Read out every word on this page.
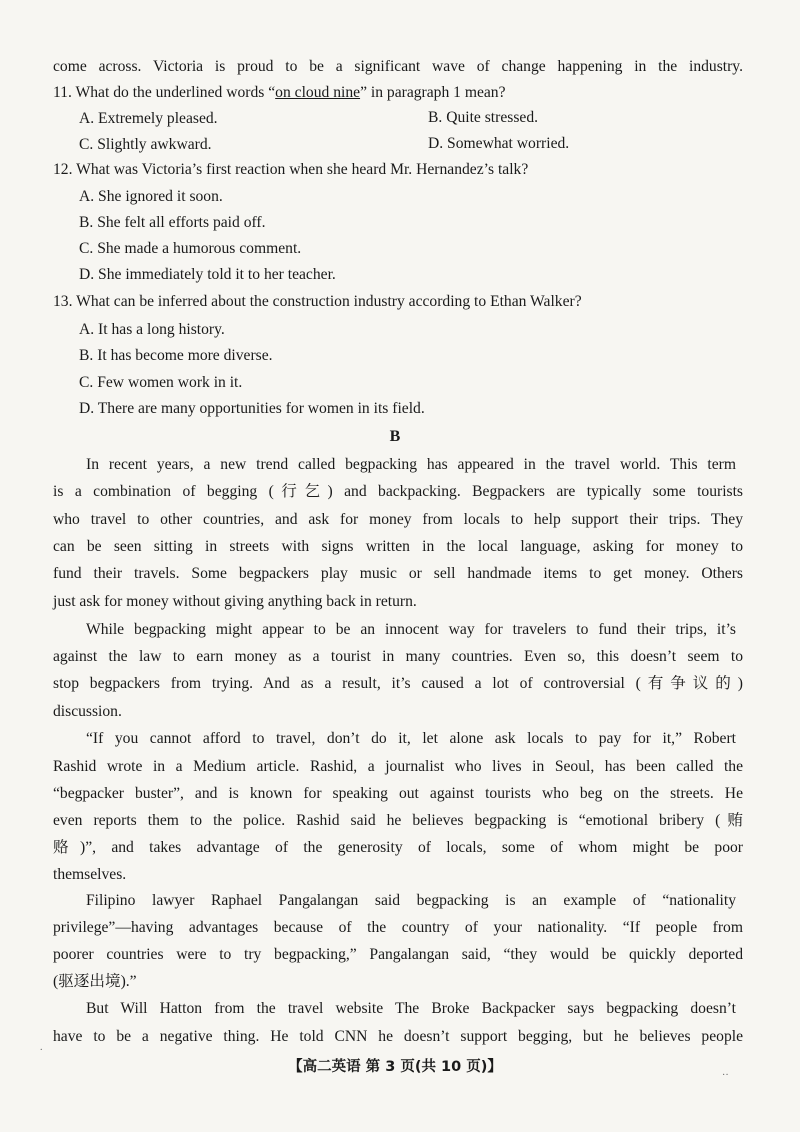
come across. Victoria is proud to be a significant wave of change happening in the industry.
11. What do the underlined words “on cloud nine” in paragraph 1 mean?
A. Extremely pleased.	B. Quite stressed.
C. Slightly awkward.	D. Somewhat worried.
12. What was Victoria’s first reaction when she heard Mr. Hernandez’s talk?
A. She ignored it soon.
B. She felt all efforts paid off.
C. She made a humorous comment.
D. She immediately told it to her teacher.
13. What can be inferred about the construction industry according to Ethan Walker?
A. It has a long history.
B. It has become more diverse.
C. Few women work in it.
D. There are many opportunities for women in its field.
B
In recent years, a new trend called begpacking has appeared in the travel world. This term
is a combination of begging (行乞) and backpacking. Begpackers are typically some tourists
who travel to other countries, and ask for money from locals to help support their trips. They
can be seen sitting in streets with signs written in the local language, asking for money to
fund their travels. Some begpackers play music or sell handmade items to get money. Others
just ask for money without giving anything back in return.
While begpacking might appear to be an innocent way for travelers to fund their trips, it’s
against the law to earn money as a tourist in many countries. Even so, this doesn’t seem to
stop begpackers from trying. And as a result, it’s caused a lot of controversial (有争议的)
discussion.
“If you cannot afford to travel, don’t do it, let alone ask locals to pay for it,” Robert
Rashid wrote in a Medium article. Rashid, a journalist who lives in Seoul, has been called the
“begpacker buster”, and is known for speaking out against tourists who beg on the streets. He
even reports them to the police. Rashid said he believes begpacking is “emotional bribery (贿
赂)”, and takes advantage of the generosity of locals, some of whom might be poor
themselves.
Filipino lawyer Raphael Pangalangan said begpacking is an example of “nationality
privilege”—having advantages because of the country of your nationality. “If people from
poorer countries were to try begpacking,” Pangalangan said, “they would be quickly deported
(驱逐出境).”
But Will Hatton from the travel website The Broke Backpacker says begpacking doesn’t
have to be a negative thing. He told CNN he doesn’t support begging, but he believes people
.
【高二英语 第 3 页(共 10 页)】
··
